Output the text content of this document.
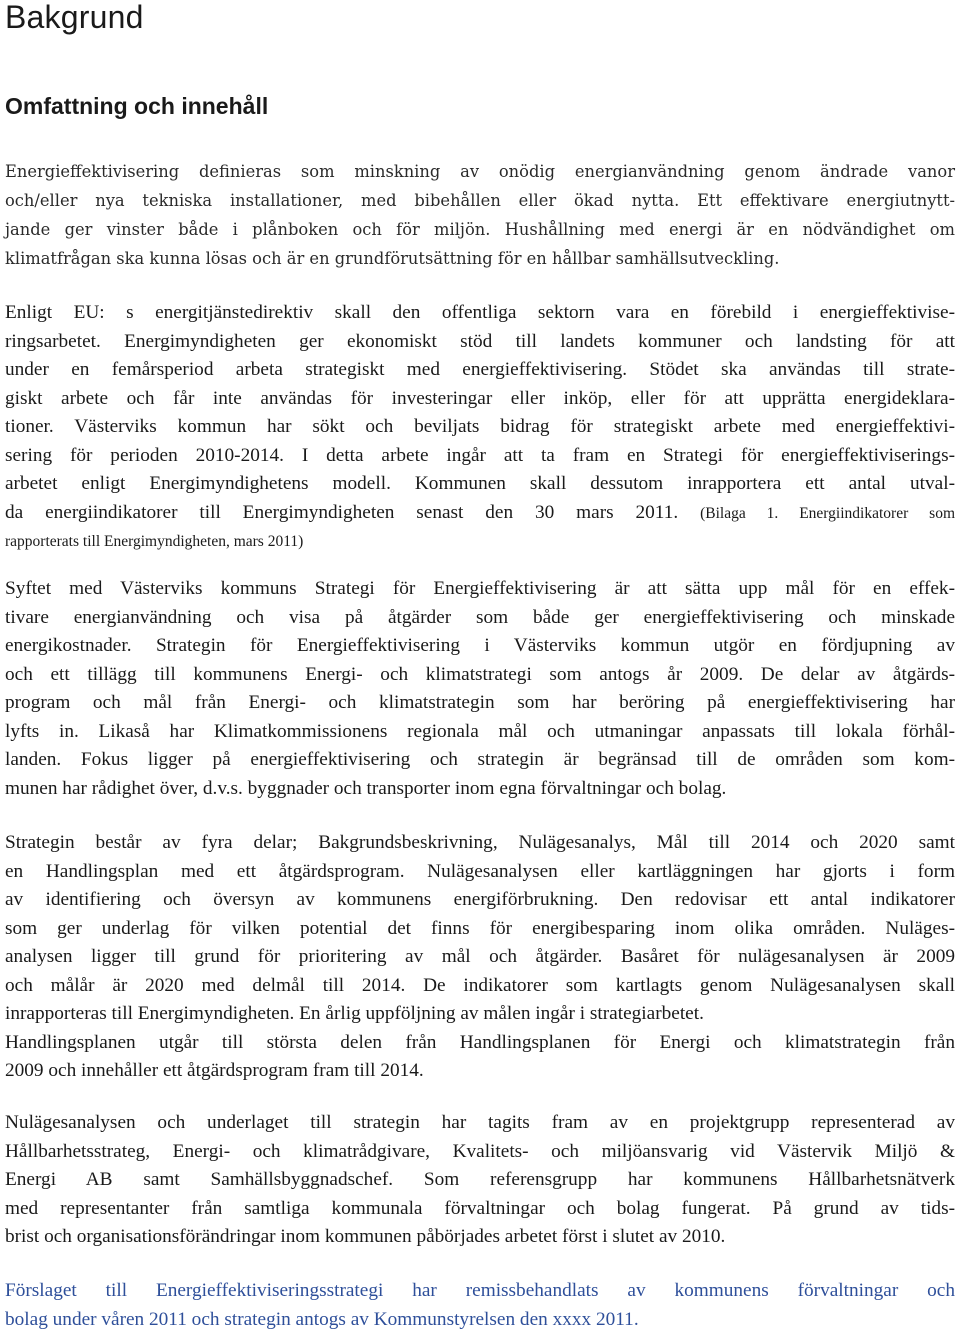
Bakgrund
Omfattning och innehåll
Energieffektivisering definieras som minskning av onödig energianvändning genom ändrade vanor
och/eller nya tekniska installationer, med bibehållen eller ökad nytta. Ett effektivare energiutnytt-
jande ger vinster både i plånboken och för miljön. Hushållning med energi är en nödvändighet om
klimatfrågan ska kunna lösas och är en grundförutsättning för en hållbar samhällsutveckling.
Enligt EU: s energitjänstedirektiv skall den offentliga sektorn vara en förebild i energieffektivise-
ringsarbetet. Energimyndigheten ger ekonomiskt stöd till landets kommuner och landsting för att
under en femårsperiod arbeta strategiskt med energieffektivisering. Stödet ska användas till strate-
giskt arbete och får inte användas för investeringar eller inköp, eller för att upprätta energideklara-
tioner. Västerviks kommun har sökt och beviljats bidrag för strategiskt arbete med energieffektivi-
sering för perioden 2010-2014. I detta arbete ingår att ta fram en Strategi för energieffektiviserings-
arbetet enligt Energimyndighetens modell. Kommunen skall dessutom inrapportera ett antal utval-
da energiindikatorer till Energimyndigheten senast den 30 mars 2011. (Bilaga 1. Energiindikatorer som
rapporterats till Energimyndigheten, mars 2011)
Syftet med Västerviks kommuns Strategi för Energieffektivisering är att sätta upp mål för en effek-
tivare energianvändning och visa på åtgärder som både ger energieffektivisering och minskade
energikostnader. Strategin för Energieffektivisering i Västerviks kommun utgör en fördjupning av
och ett tillägg till kommunens Energi- och klimatstrategi som antogs år 2009. De delar av åtgärds-
program och mål från Energi- och klimatstrategin som har beröring på energieffektivisering har
lyfts in. Likaså har Klimatkommissionens regionala mål och utmaningar anpassats till lokala förhål-
landen. Fokus ligger på energieffektivisering och strategin är begränsad till de områden som kom-
munen har rådighet över, d.v.s. byggnader och transporter inom egna förvaltningar och bolag.
Strategin består av fyra delar; Bakgrundsbeskrivning, Nulägesanalys, Mål till 2014 och 2020 samt
en Handlingsplan med ett åtgärdsprogram. Nulägesanalysen eller kartläggningen har gjorts i form
av identifiering och översyn av kommunens energiförbrukning. Den redovisar ett antal indikatorer
som ger underlag för vilken potential det finns för energibesparing inom olika områden. Nuläges-
analysen ligger till grund för prioritering av mål och åtgärder. Basåret för nulägesanalysen är 2009
och målår är 2020 med delmål till 2014. De indikatorer som kartlagts genom Nulägesanalysen skall
inrapporteras till Energimyndigheten. En årlig uppföljning av målen ingår i strategiarbetet.
Handlingsplanen utgår till största delen från Handlingsplanen för Energi och klimatstrategin från
2009 och innehåller ett åtgärdsprogram fram till 2014.
Nulägesanalysen och underlaget till strategin har tagits fram av en projektgrupp representerad av
Hållbarhetsstrateg, Energi- och klimatrådgivare, Kvalitets- och miljöansvarig vid Västervik Miljö &
Energi AB samt Samhällsbyggnadschef. Som referensgrupp har kommunens Hållbarhetsnätverk
med representanter från samtliga kommunala förvaltningar och bolag fungerat. På grund av tids-
brist och organisationsförändringar inom kommunen påbörjades arbetet först i slutet av 2010.
Förslaget till Energieffektiviseringsstrategi har remissbehandlats av kommunens förvaltningar och
bolag under våren 2011 och strategin antogs av Kommunstyrelsen den xxxx 2011.
